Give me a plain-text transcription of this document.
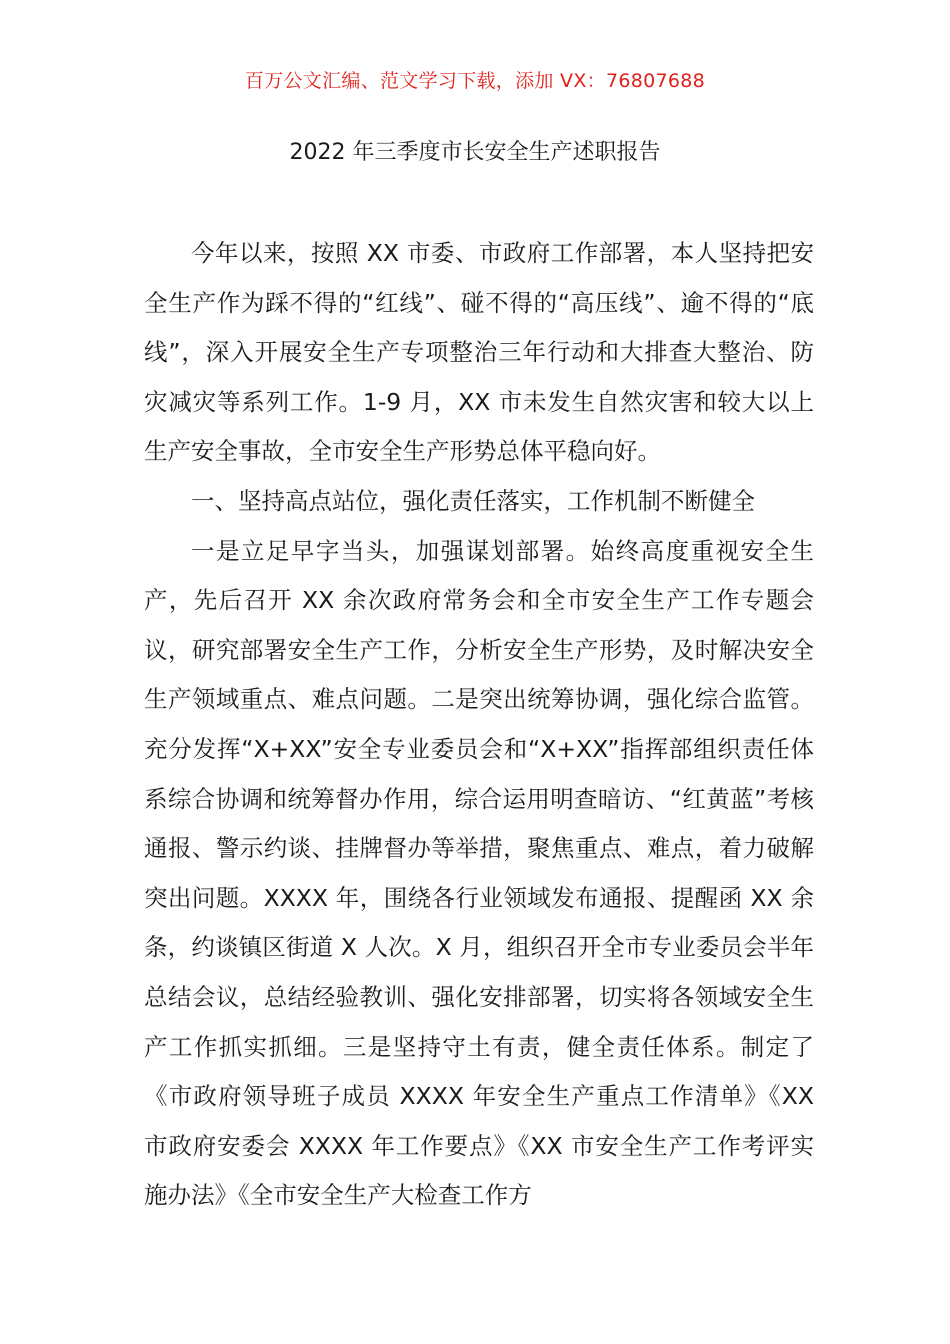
百万公文汇编、范文学习下载，添加 VX：76807688
2022 年三季度市长安全生产述职报告

今年以来，按照 XX 市委、市政府工作部署，本人坚持把安全生产作为踩不得的“红线”、碰不得的“高压线”、逾不得的“底线”，深入开展安全生产专项整治三年行动和大排查大整治、防灾减灾等系列工作。1-9 月，XX 市未发生自然灾害和较大以上生产安全事故，全市安全生产形势总体平稳向好。

一、坚持高点站位，强化责任落实，工作机制不断健全

一是立足早字当头，加强谋划部署。始终高度重视安全生产，先后召开 XX 余次政府常务会和全市安全生产工作专题会议，研究部署安全生产工作，分析安全生产形势，及时解决安全生产领域重点、难点问题。二是突出统筹协调，强化综合监管。充分发挥“X+XX”安全专业委员会和“X+XX”指挥部组织责任体系综合协调和统筹督办作用，综合运用明查暗访、“红黄蓝”考核通报、警示约谈、挂牌督办等举措，聚焦重点、难点，着力破解突出问题。XXXX 年，围绕各行业领域发布通报、提醒函 XX 余条，约谈镇区街道 X 人次。X 月，组织召开全市专业委员会半年总结会议，总结经验教训、强化安排部署，切实将各领域安全生产工作抓实抓细。三是坚持守土有责，健全责任体系。制定了《市政府领导班子成员 XXXX 年安全生产重点工作清单》《XX 市政府安委会 XXXX 年工作要点》《XX 市安全生产工作考评实施办法》《全市安全生产大检查工作方
